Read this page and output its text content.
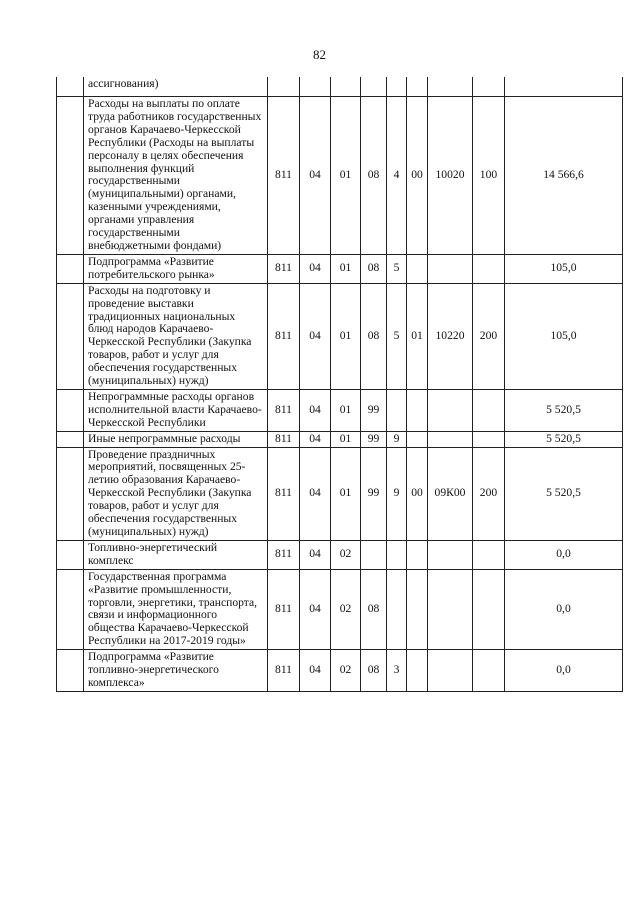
82
	ассигнования)									
	Расходы на выплаты по оплате труда работников государственных органов Карачаево-Черкесской Республики (Расходы на выплаты персоналу в целях обеспечения выполнения функций государственными (муниципальными) органами, казенными учреждениями, органами управления государственными внебюджетными фондами)	811	04	01	08	4	00	10020	100	14 566,6
	Подпрограмма «Развитие потребительского рынка»	811	04	01	08	5				105,0
	Расходы на подготовку и проведение выставки традиционных национальных блюд народов Карачаево-Черкесской Республики (Закупка товаров, работ и услуг для обеспечения государственных (муниципальных) нужд)	811	04	01	08	5	01	10220	200	105,0
	Непрограммные расходы органов исполнительной власти Карачаево-Черкесской Республики	811	04	01	99					5 520,5
	Иные непрограммные расходы	811	04	01	99	9				5 520,5
	Проведение праздничных мероприятий, посвященных 25-летию образования Карачаево-Черкесской Республики (Закупка товаров, работ и услуг для обеспечения государственных (муниципальных) нужд)	811	04	01	99	9	00	09К00	200	5 520,5
	Топливно-энергетический комплекс	811	04	02						0,0
	Государственная программа «Развитие промышленности, торговли, энергетики, транспорта, связи и информационного общества Карачаево-Черкесской Республики на 2017-2019 годы»	811	04	02	08					0,0
	Подпрограмма «Развитие топливно-энергетического комплекса»	811	04	02	08	3				0,0
